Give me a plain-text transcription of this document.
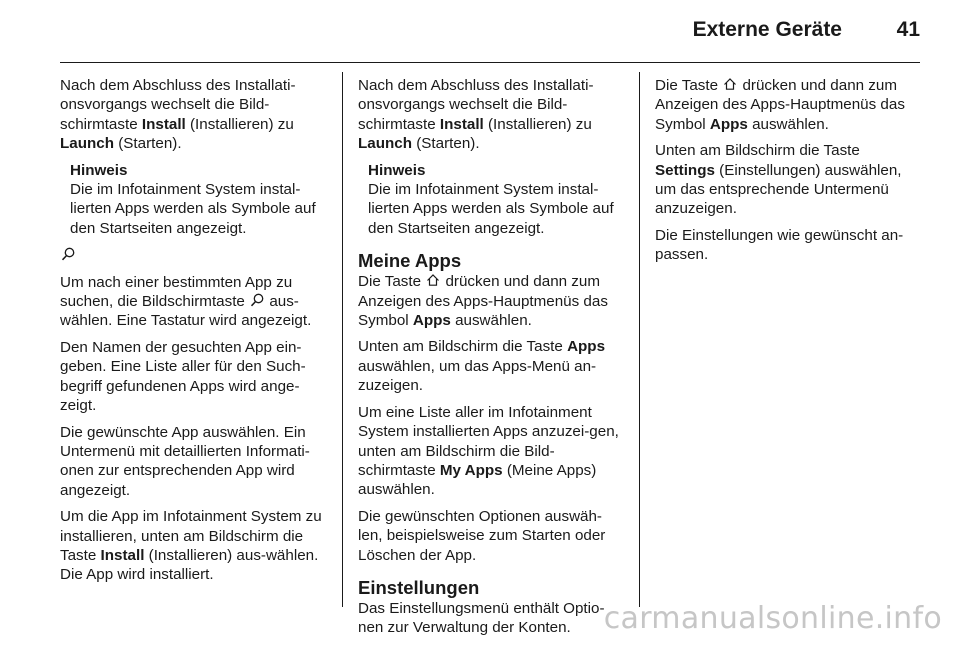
Externe Geräte	41

Nach dem Abschluss des Installati-onsvorgangs wechselt die Bild-schirmtaste Install (Installieren) zu Launch (Starten).

Hinweis
Die im Infotainment System instal-lierten Apps werden als Symbole auf den Startseiten angezeigt.

Um nach einer bestimmten App zu suchen, die Bildschirmtaste  aus-wählen. Eine Tastatur wird angezeigt.

Den Namen der gesuchten App ein-geben. Eine Liste aller für den Such-begriff gefundenen Apps wird ange-zeigt.

Die gewünschte App auswählen. Ein Untermenü mit detaillierten Informati-onen zur entsprechenden App wird angezeigt.

Um die App im Infotainment System zu installieren, unten am Bildschirm die Taste Install (Installieren) aus-wählen. Die App wird installiert.

Nach dem Abschluss des Installati-onsvorgangs wechselt die Bild-schirmtaste Install (Installieren) zu Launch (Starten).

Hinweis
Die im Infotainment System instal-lierten Apps werden als Symbole auf den Startseiten angezeigt.
Meine Apps

Die Taste  drücken und dann zum Anzeigen des Apps-Hauptmenüs das Symbol Apps auswählen.

Unten am Bildschirm die Taste Apps auswählen, um das Apps-Menü an-zuzeigen.

Um eine Liste aller im Infotainment System installierten Apps anzuzei-gen, unten am Bildschirm die Bild-schirmtaste My Apps (Meine Apps) auswählen.

Die gewünschten Optionen auswäh-len, beispielsweise zum Starten oder Löschen der App.

Einstellungen

Das Einstellungsmenü enthält Optio-nen zur Verwaltung der Konten.

Die Taste  drücken und dann zum Anzeigen des Apps-Hauptmenüs das Symbol Apps auswählen.

Unten am Bildschirm die Taste Settings (Einstellungen) auswählen, um das entsprechende Untermenü anzuzeigen.

Die Einstellungen wie gewünscht an-passen.

carmanualsonline.info
